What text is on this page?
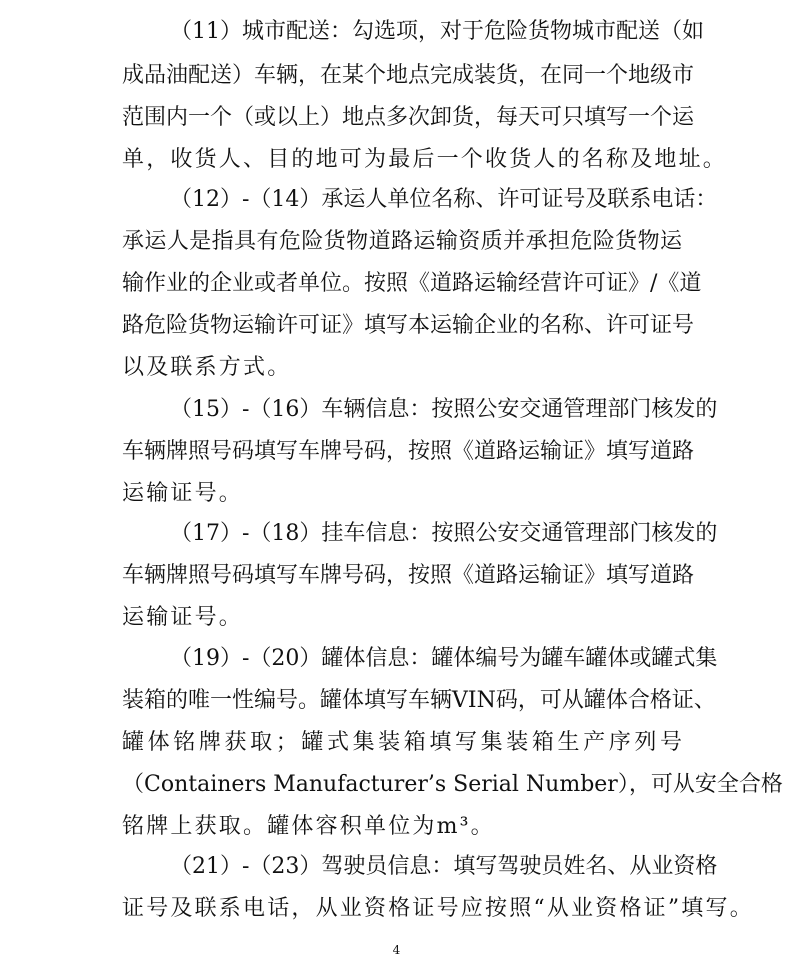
（11）城市配送：勾选项，对于危险货物城市配送（如
成品油配送）车辆，在某个地点完成装货，在同一个地级市
范围内一个（或以上）地点多次卸货，每天可只填写一个运
单，收货人、目的地可为最后一个收货人的名称及地址。
（12）-（14）承运人单位名称、许可证号及联系电话：
承运人是指具有危险货物道路运输资质并承担危险货物运
输作业的企业或者单位。按照《道路运输经营许可证》/《道
路危险货物运输许可证》填写本运输企业的名称、许可证号
以及联系方式。
（15）-（16）车辆信息：按照公安交通管理部门核发的
车辆牌照号码填写车牌号码，按照《道路运输证》填写道路
运输证号。
（17）-（18）挂车信息：按照公安交通管理部门核发的
车辆牌照号码填写车牌号码，按照《道路运输证》填写道路
运输证号。
（19）-（20）罐体信息：罐体编号为罐车罐体或罐式集
装箱的唯一性编号。罐体填写车辆VIN码，可从罐体合格证、
罐体铭牌获取；罐式集装箱填写集装箱生产序列号
（Containers Manufacturer’s Serial Number），可从安全合格
铭牌上获取。罐体容积单位为m³。
（21）-（23）驾驶员信息：填写驾驶员姓名、从业资格
证号及联系电话，从业资格证号应按照“从业资格证”填写。
4
